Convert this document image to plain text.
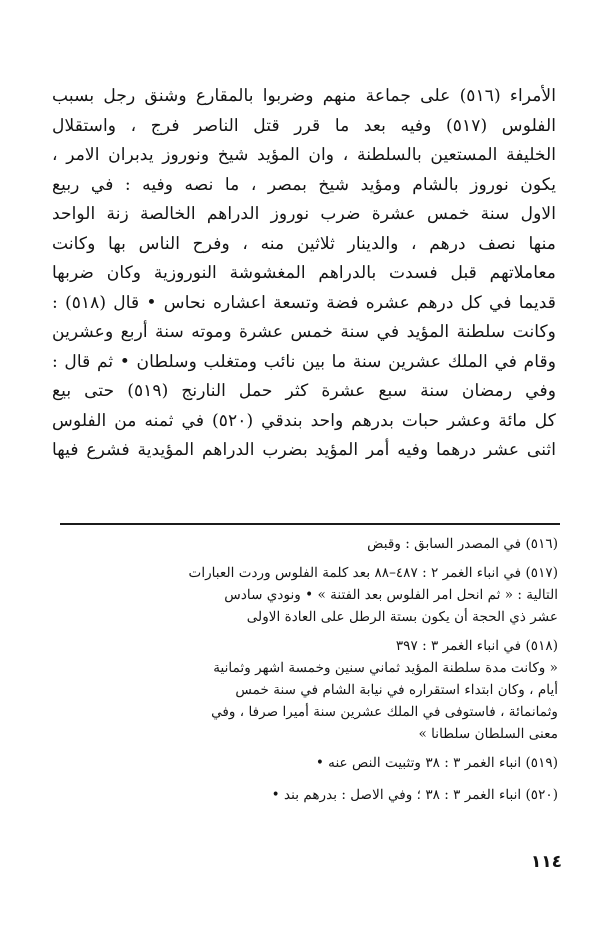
الأمراء (٥١٦) على جماعة منهم وضربوا بالمقارع وشنق رجل بسبب
الفلوس (٥١٧) وفيه بعد ما قرر قتل الناصر فرج ، واستقلال
الخليفة المستعين بالسلطنة ، وان المؤيد شيخ ونوروز يدبران الامر ،
يكون نوروز بالشام ومؤيد شيخ بمصر ، ما نصه وفيه : في ربيع
الاول سنة خمس عشرة ضرب نوروز الدراهم الخالصة زنة الواحد
منها نصف درهم ، والدينار ثلاثين منه ، وفرح الناس بها وكانت
معاملاتهم قبل فسدت بالدراهم المغشوشة النوروزية وكان ضربها
قديما في كل درهم عشره فضة وتسعة اعشاره نحاس • قال (٥١٨) :
وكانت سلطنة المؤيد في سنة خمس عشرة وموته سنة أربع وعشرين
وقام في الملك عشرين سنة ما بين نائب ومتغلب وسلطان • ثم قال :
وفي رمضان سنة سبع عشرة كثر حمل النارنج (٥١٩) حتى بيع
كل مائة وعشر حبات بدرهم واحد بندقي (٥٢٠) في ثمنه من الفلوس
اثنى عشر درهما وفيه أمر المؤيد بضرب الدراهم المؤيدية فشرع فيها
(٥١٦) في المصدر السابق : وقبض
(٥١٧) في انباء الغمر ٢ : ٤٨٧–٨٨ بعد كلمة الفلوس وردت العبارات
التالية : « ثم انحل امر الفلوس بعد الفتنة » • ونودي سادس
عشر ذي الحجة أن يكون بستة الرطل على العادة الاولى
(٥١٨) في انباء الغمر ٣ : ٣٩٧
« وكانت مدة سلطنة المؤيد ثماني سنين وخمسة اشهر وثمانية
أيام ، وكان ابتداء استقراره في نيابة الشام في سنة خمس
وثمانمائة ، فاستوفى في الملك عشرين سنة أميرا صرفا ، وفي
معنى السلطان سلطانا »
(٥١٩) انباء الغمر ٣ : ٣٨ وتثبيت النص عنه •
(٥٢٠) انباء الغمر ٣ : ٣٨ ؛ وفي الاصل : بدرهم بند •
١١٤
